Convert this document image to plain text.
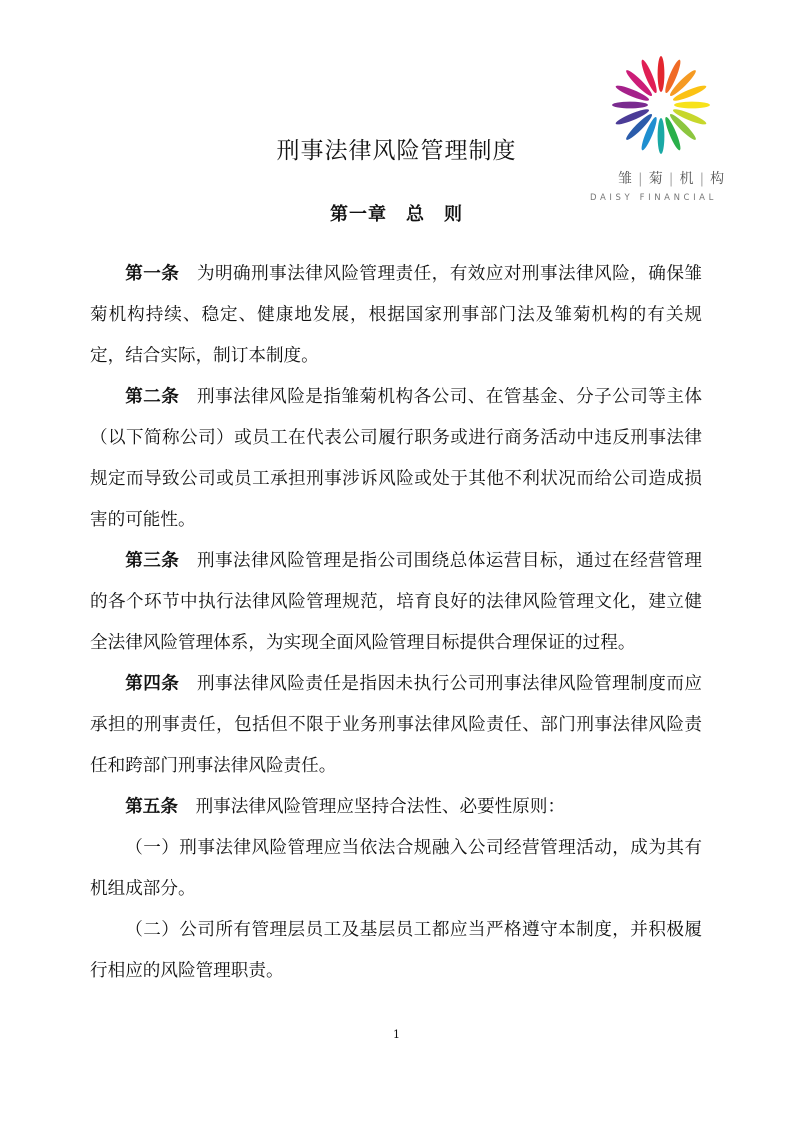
雏 | 菊 | 机 | 构
DAISY FINANCIAL
刑事法律风险管理制度
第一章　总　则

第一条 为明确刑事法律风险管理责任，有效应对刑事法律风险，确保雏菊机构持续、稳定、健康地发展，根据国家刑事部门法及雏菊机构的有关规定，结合实际，制订本制度。

第二条 刑事法律风险是指雏菊机构各公司、在管基金、分子公司等主体（以下简称公司）或员工在代表公司履行职务或进行商务活动中违反刑事法律规定而导致公司或员工承担刑事涉诉风险或处于其他不利状况而给公司造成损害的可能性。

第三条 刑事法律风险管理是指公司围绕总体运营目标，通过在经营管理的各个环节中执行法律风险管理规范，培育良好的法律风险管理文化，建立健全法律风险管理体系，为实现全面风险管理目标提供合理保证的过程。

第四条 刑事法律风险责任是指因未执行公司刑事法律风险管理制度而应承担的刑事责任，包括但不限于业务刑事法律风险责任、部门刑事法律风险责任和跨部门刑事法律风险责任。

第五条 刑事法律风险管理应坚持合法性、必要性原则：

（一）刑事法律风险管理应当依法合规融入公司经营管理活动，成为其有机组成部分。

（二）公司所有管理层员工及基层员工都应当严格遵守本制度，并积极履行相应的风险管理职责。

1
